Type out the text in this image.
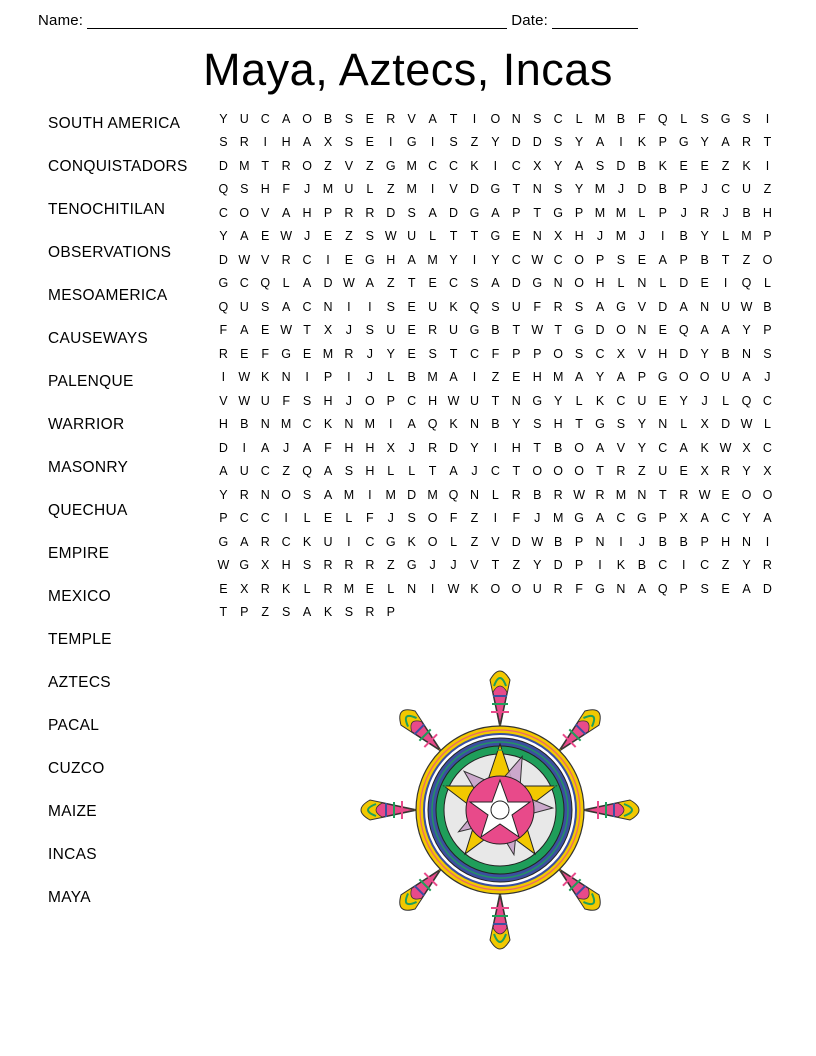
Name:	Date:
Maya, Aztecs, Incas
SOUTH AMERICA
CONQUISTADORS
TENOCHITILAN
OBSERVATIONS
MESOAMERICA
CAUSEWAYS
PALENQUE
WARRIOR
MASONRY
QUECHUA
EMPIRE
MEXICO
TEMPLE
AZTECS
PACAL
CUZCO
MAIZE
INCAS
MAYA
Y U C A O B S E R V A	T	I	O N S C	L M B	F Q L	S G S	I
S R	I	H A X S E	I	G	I	S	Z	Y D D S Y A	I	K P G Y A R T
D M T R O Z	V	Z G M C C K	I	C X Y A S D B K E E	Z	K	I
Q S H F	J M U	L	Z M	I	V D G T N S Y M J	D B P	J	C U Z
C O V A H P R R D S A D G A P	T G P M M L	P	J	R	J	B H
Y A E W J	E	Z	S W U	L	T	T G E N X H	J M J	I	B Y	L M P
D W V R C	I	E G H A M Y	I	Y C W C O P S E A P B	T	Z O
G C Q L	A D W A	Z	T	E C S A D G N O H	L	N	L	D E	I	Q L
Q U S A C N	I	I	S E U K Q S U F R S A G V D A N U W B
F	A E W T	X	J	S U E R U G B	T W T G D O N E Q A A Y P
R E	F G E M R	J	Y E S	T C F	P P O S C X V H D Y B N S
I	W K N	I	P	I	J	L	B M A	I	Z	E H M A Y A P G O O U A	J
V W U F	S H	J	O P C H W U T N G Y	L	K C U E Y	J	L Q C
H B N M C K N M	I	A Q K N B Y S H T G S Y N	L	X D W L
D	I	A	J	A	F H H X	J	R D Y	I	H T	B O A V Y C A K W X C
A U C Z Q A S H	L	L	T	A	J	C T O O O T R Z U E X R Y X
Y R N O S A M	I	M D M Q N	L	R B R W R M N T R W E O O
P C C	I	L	E	L	F	J	S O F	Z	I	F	J M G A C G P X A C Y A
G A R C K U	I	C G K O L	Z	V D W B P N	I	J	B B P H N	I
W G X H S R R R Z G	J	J	V	T	Z	Y D P	I	K B C	I	C Z	Y R
E X R K	L	R M E	L	N	I	W K O O U R F G N A Q P S E A D
T	P	Z	S A K S R P
